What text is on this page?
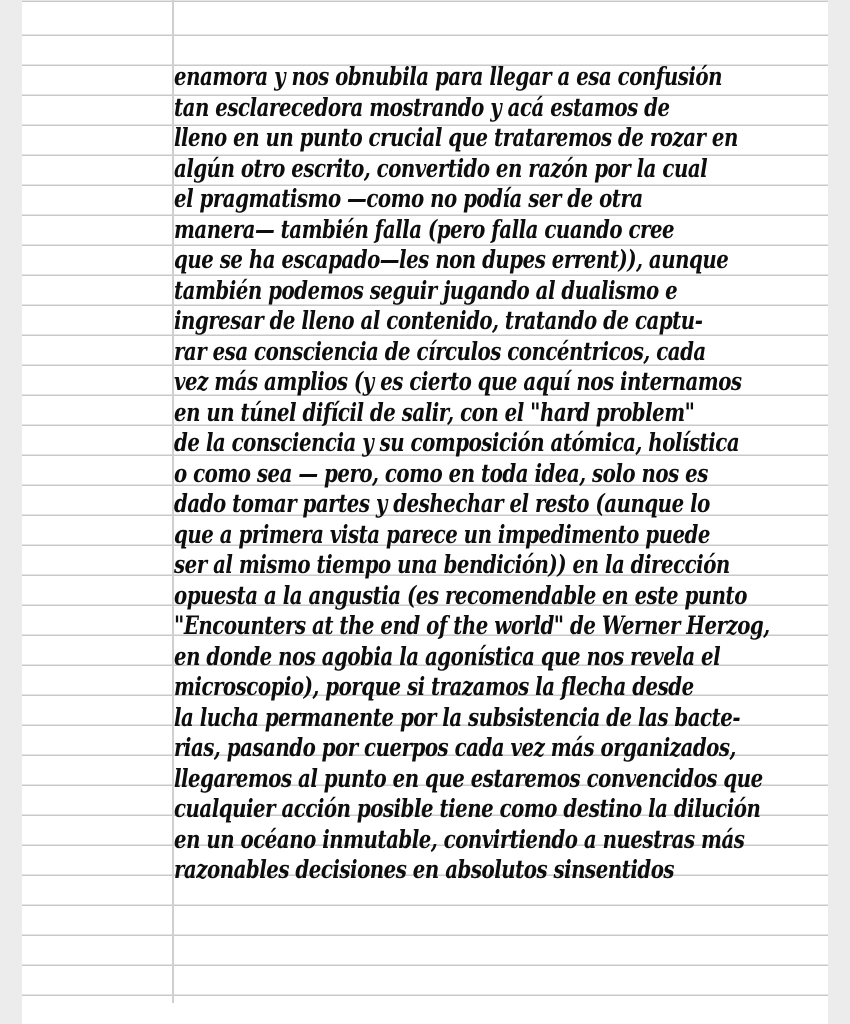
enamora y nos obnubila para llegar a esa confusión
tan esclarecedora mostrando y acá estamos de
lleno en un punto crucial que trataremos de rozar en
algún otro escrito, convertido en razón por la cual
el pragmatismo —como no podía ser de otra
manera— también falla (pero falla cuando cree
que se ha escapado—les non dupes errent)), aunque
también podemos seguir jugando al dualismo e
ingresar de lleno al contenido, tratando de captu-
rar esa consciencia de círculos concéntricos, cada
vez más amplios (y es cierto que aquí nos internamos
en un túnel difícil de salir, con el "hard problem"
de la consciencia y su composición atómica, holística
o como sea — pero, como en toda idea, solo nos es
dado tomar partes y deshechar el resto (aunque lo
que a primera vista parece un impedimento puede
ser al mismo tiempo una bendición)) en la dirección
opuesta a la angustia (es recomendable en este punto
"Encounters at the end of the world" de Werner Herzog,
en donde nos agobia la agonística que nos revela el
microscopio), porque si trazamos la flecha desde
la lucha permanente por la subsistencia de las bacte-
rias, pasando por cuerpos cada vez más organizados,
llegaremos al punto en que estaremos convencidos que
cualquier acción posible tiene como destino la dilución
en un océano inmutable, convirtiendo a nuestras más
razonables decisiones en absolutos sinsentidos
